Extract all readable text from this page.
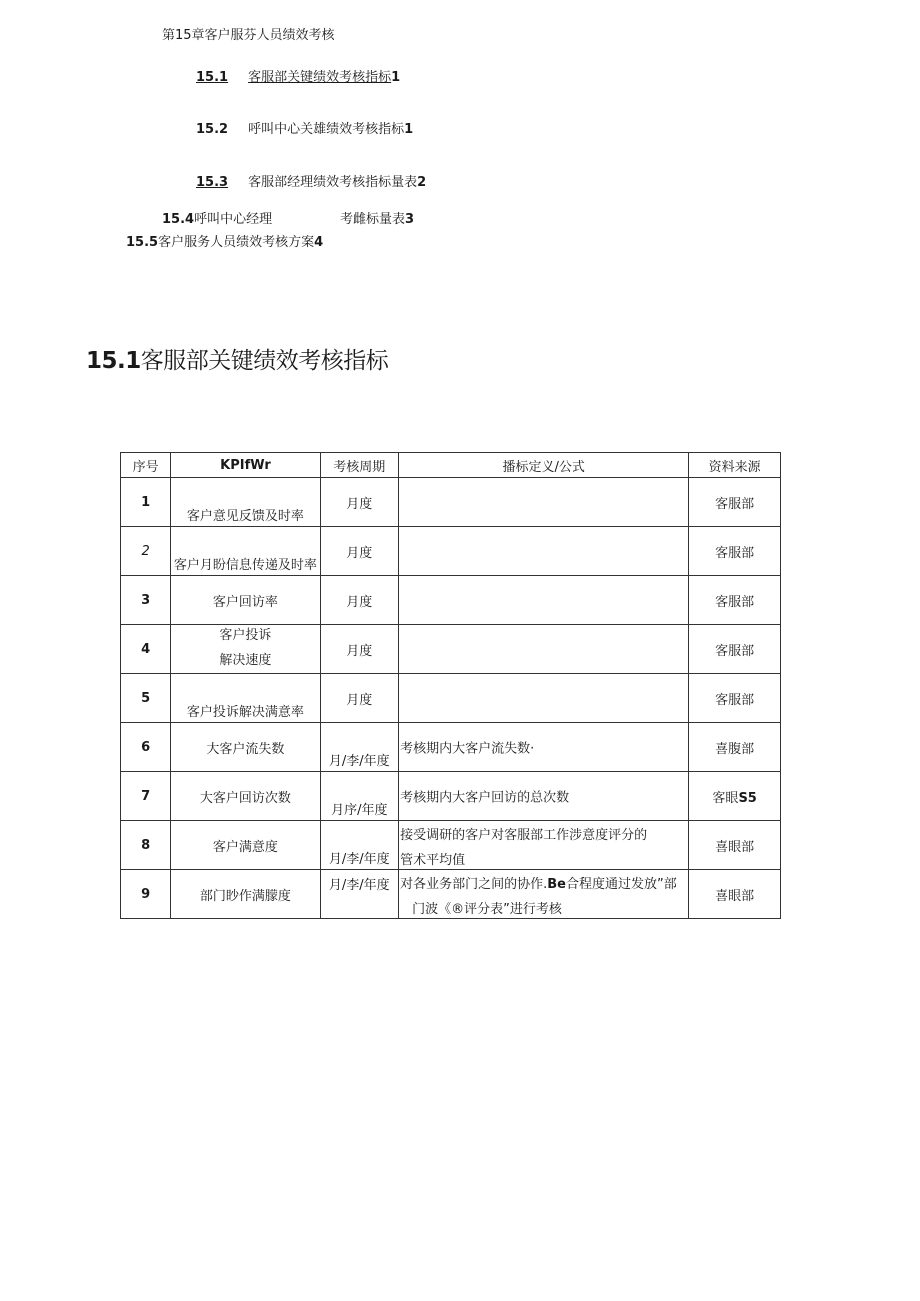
第15章客户服芬人员绩效考核
15.1 客服部关键绩效考核指标1
15.2 呼叫中心关雄绩效考核指标1
15.3 客服部经理绩效考核指标量表2
15.4呼叫中心经理	考雌标量表3
15.5客户服务人员绩效考核方案4
15.1客服部关键绩效考核指标
序号	KPIfWr	考核周期	播标定义/公式	资料来源

1	客户意见反馈及时率	月度		客服部

2	客户月盼信息传递及时率	月度		客服部

3	客户回访率	月度		客服部

4	客户投诉
解决速度	月度		客服部

5	客户投诉解决满意率	月度		客服部

6	大客户流失数	月/李/年度	考核期内大客户流失数·	喜腹部

7	大客户回访次数	月序/年度	考核期内大客户回访的总次数	客眼S5

8	客户满意度	月/李/年度	接受调研的客户对客服部工作涉意度评分的
管术平均值	喜眼部

9	部门眇作满朦度	月/李/年度	对各业务部门之间的协作.Be合程度通过发放”部
门波《®评分表”进行考核	喜眼部
